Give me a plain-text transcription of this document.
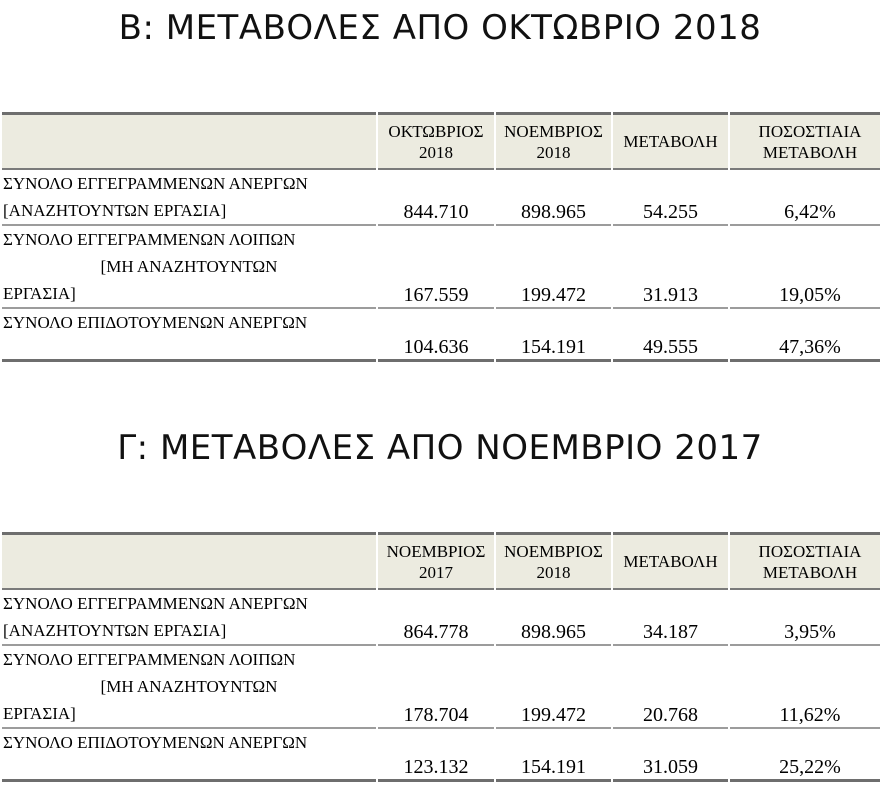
Β: ΜΕΤΑΒΟΛΕΣ ΑΠΟ ΟΚΤΩΒΡΙΟ 2018
	ΟΚΤΩΒΡΙΟΣ 2018	ΝΟΕΜΒΡΙΟΣ 2018	ΜΕΤΑΒΟΛΗ	ΠΟΣΟΣΤΙΑΙΑ ΜΕΤΑΒΟΛΗ

ΣΥΝΟΛΟ ΕΓΓΕΓΡΑΜΜΕΝΩΝ ΑΝΕΡΓΩΝ
[ΑΝΑΖΗΤΟΥΝΤΩΝ ΕΡΓΑΣΙΑ]	844.710	898.965	54.255	6,42%

ΣΥΝΟΛΟ ΕΓΓΕΓΡΑΜΜΕΝΩΝ ΛΟΙΠΩΝ
[ΜΗ ΑΝΑΖΗΤΟΥΝΤΩΝ
ΕΡΓΑΣΙΑ]	167.559	199.472	31.913	19,05%

ΣΥΝΟΛΟ ΕΠΙΔΟΤΟΥΜΕΝΩΝ ΑΝΕΡΓΩΝ	104.636	154.191	49.555	47,36%
Γ: ΜΕΤΑΒΟΛΕΣ ΑΠΟ ΝΟΕΜΒΡΙΟ 2017
	ΝΟΕΜΒΡΙΟΣ 2017	ΝΟΕΜΒΡΙΟΣ 2018	ΜΕΤΑΒΟΛΗ	ΠΟΣΟΣΤΙΑΙΑ ΜΕΤΑΒΟΛΗ

ΣΥΝΟΛΟ ΕΓΓΕΓΡΑΜΜΕΝΩΝ ΑΝΕΡΓΩΝ
[ΑΝΑΖΗΤΟΥΝΤΩΝ ΕΡΓΑΣΙΑ]	864.778	898.965	34.187	3,95%

ΣΥΝΟΛΟ ΕΓΓΕΓΡΑΜΜΕΝΩΝ ΛΟΙΠΩΝ
[ΜΗ ΑΝΑΖΗΤΟΥΝΤΩΝ
ΕΡΓΑΣΙΑ]	178.704	199.472	20.768	11,62%

ΣΥΝΟΛΟ ΕΠΙΔΟΤΟΥΜΕΝΩΝ ΑΝΕΡΓΩΝ	123.132	154.191	31.059	25,22%
